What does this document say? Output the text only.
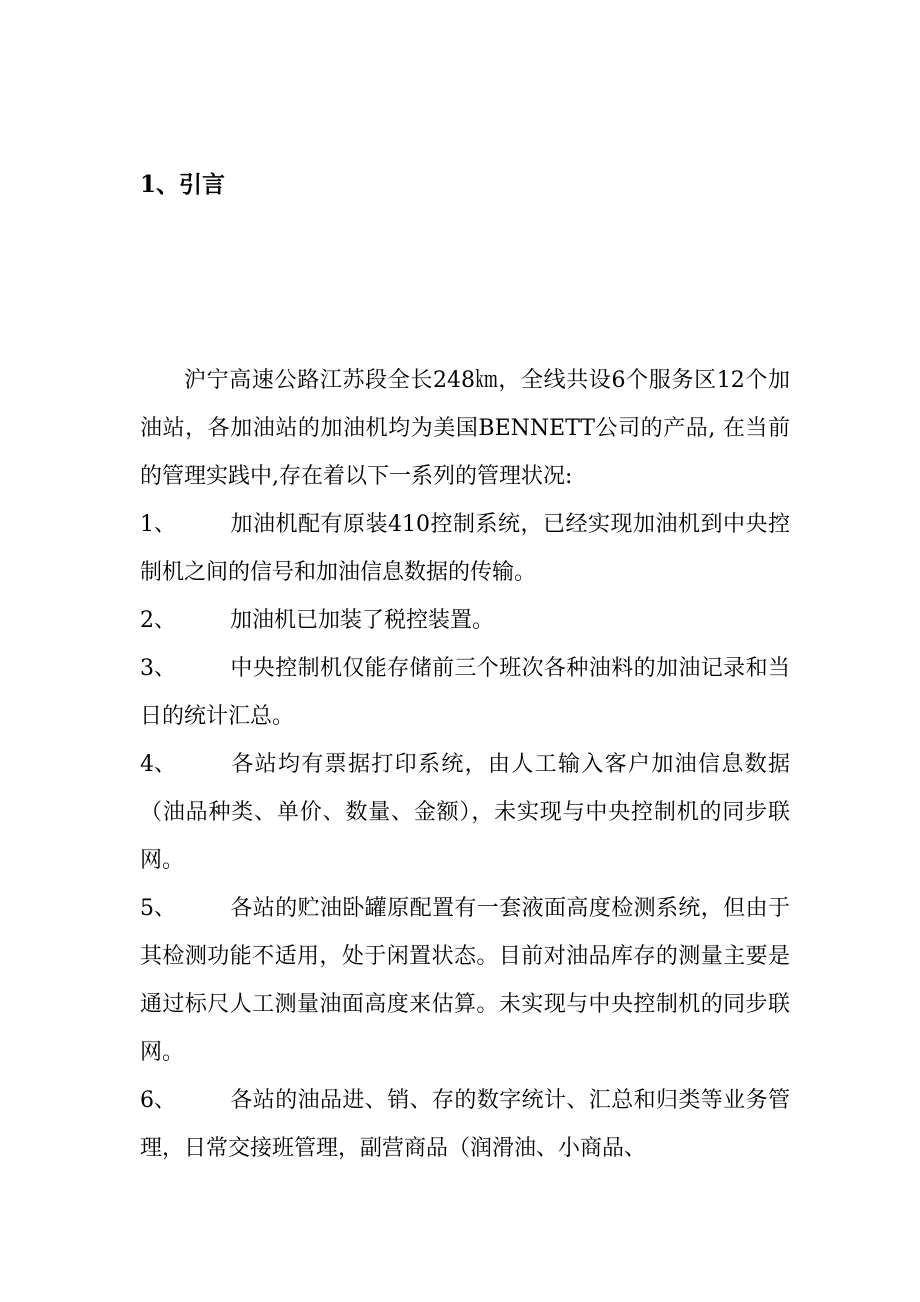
1、引言

沪宁高速公路江苏段全长248㎞，全线共设6个服务区12个加油站，各加油站的加油机均为美国BENNETT公司的产品, 在当前的管理实践中,存在着以下一系列的管理状况:

1、 加油机配有原装410控制系统，已经实现加油机到中央控制机之间的信号和加油信息数据的传输。

2、 加油机已加装了税控装置。

3、 中央控制机仅能存储前三个班次各种油料的加油记录和当日的统计汇总。

4、 各站均有票据打印系统，由人工输入客户加油信息数据（油品种类、单价、数量、金额），未实现与中央控制机的同步联网。

5、 各站的贮油卧罐原配置有一套液面高度检测系统，但由于其检测功能不适用，处于闲置状态。目前对油品库存的测量主要是通过标尺人工测量油面高度来估算。未实现与中央控制机的同步联网。

6、 各站的油品进、销、存的数字统计、汇总和归类等业务管理，日常交接班管理，副营商品（润滑油、小商品、
